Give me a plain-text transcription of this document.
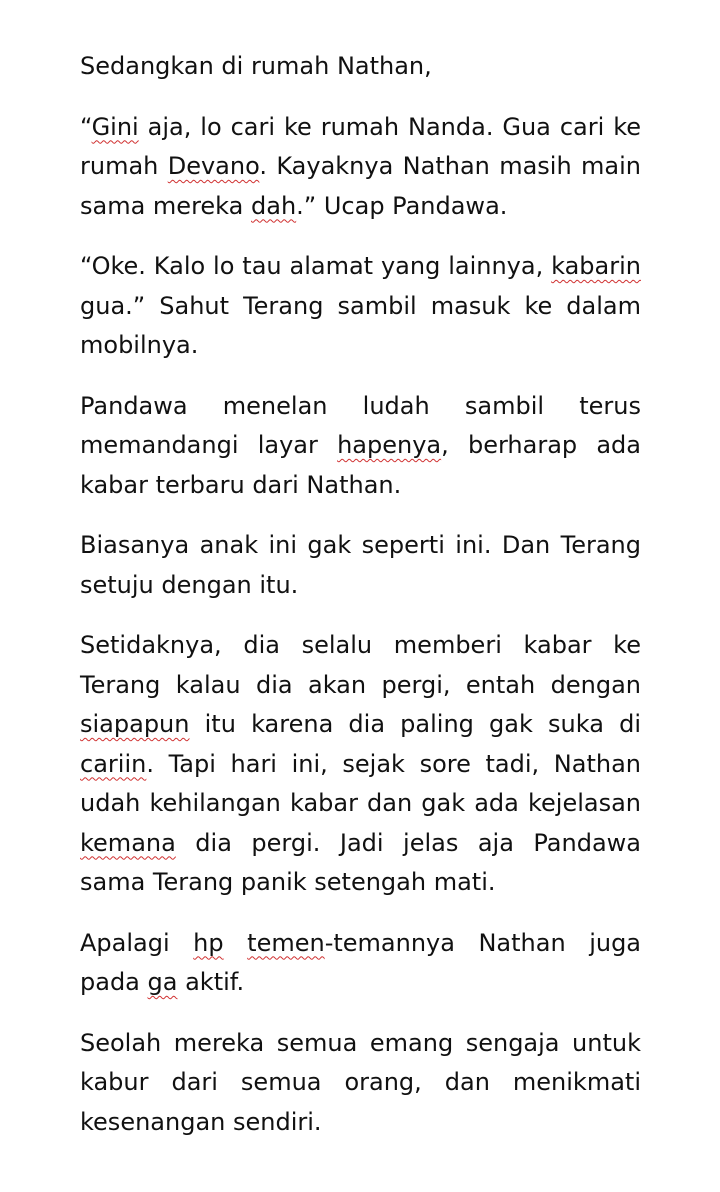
Sedangkan di rumah Nathan,

“Gini aja, lo cari ke rumah Nanda. Gua cari ke rumah Devano. Kayaknya Nathan masih main sama mereka dah.” Ucap Pandawa.

“Oke. Kalo lo tau alamat yang lainnya, kabarin gua.” Sahut Terang sambil masuk ke dalam mobilnya.

Pandawa menelan ludah sambil terus memandangi layar hapenya, berharap ada kabar terbaru dari Nathan.

Biasanya anak ini gak seperti ini. Dan Terang setuju dengan itu.

Setidaknya, dia selalu memberi kabar ke Terang kalau dia akan pergi, entah dengan siapapun itu karena dia paling gak suka di cariin. Tapi hari ini, sejak sore tadi, Nathan udah kehilangan kabar dan gak ada kejelasan kemana dia pergi. Jadi jelas aja Pandawa sama Terang panik setengah mati.

Apalagi hp temen-temannya Nathan juga pada ga aktif.

Seolah mereka semua emang sengaja untuk kabur dari semua orang, dan menikmati kesenangan sendiri.
